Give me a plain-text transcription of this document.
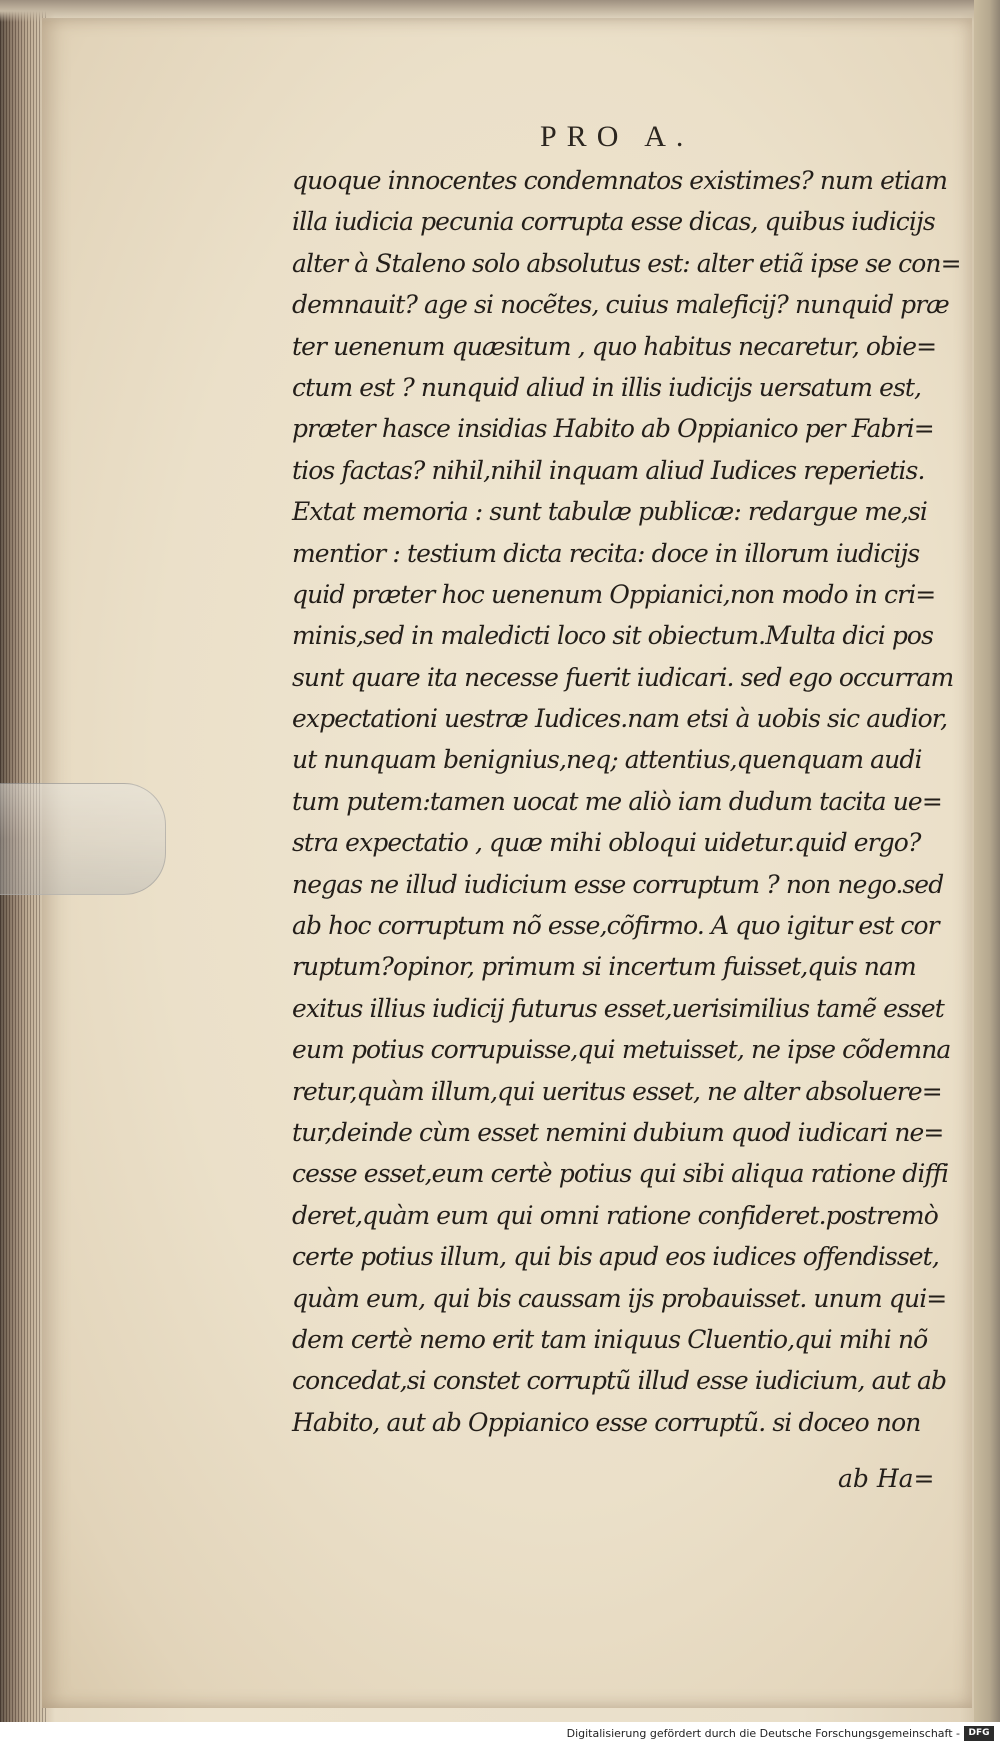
PRO A.
quoque innocentes condemnatos existimes? num etiam
illa iudicia pecunia corrupta esse dicas, quibus iudicijs
alter à Staleno solo absolutus est: alter etiã ipse se con=
demnauit? age si nocẽtes, cuius maleficij? nunquid præ
ter uenenum quæsitum , quo habitus necaretur, obie=
ctum est ? nunquid aliud in illis iudicijs uersatum est,
præter hasce insidias Habito ab Oppianico per Fabri=
tios factas? nihil,nihil inquam aliud Iudices reperietis.
Extat memoria : sunt tabulæ publicæ: redargue me,si
mentior : testium dicta recita: doce in illorum iudicijs
quid præter hoc uenenum Oppianici,non modo in cri=
minis,sed in maledicti loco sit obiectum.Multa dici pos
sunt quare ita necesse fuerit iudicari. sed ego occurram
expectationi uestræ Iudices.nam etsi à uobis sic audior,
ut nunquam benignius,neq; attentius,quenquam audi
tum putem:tamen uocat me aliò iam dudum tacita ue=
stra expectatio , quæ mihi obloqui uidetur.quid ergo?
negas ne illud iudicium esse corruptum ? non nego.sed
ab hoc corruptum nõ esse,cõfirmo. A quo igitur est cor
ruptum?opinor, primum si incertum fuisset,quis nam
exitus illius iudicij futurus esset,uerisimilius tamẽ esset
eum potius corrupuisse,qui metuisset, ne ipse cõdemna
retur,quàm illum,qui ueritus esset, ne alter absoluere=
tur,deinde cùm esset nemini dubium quod iudicari ne=
cesse esset,eum certè potius qui sibi aliqua ratione diffi
deret,quàm eum qui omni ratione confideret.postremò
certe potius illum, qui bis apud eos iudices offendisset,
quàm eum, qui bis caussam ijs probauisset. unum qui=
dem certè nemo erit tam iniquus Cluentio,qui mihi nõ
concedat,si constet corruptũ illud esse iudicium, aut ab
Habito, aut ab Oppianico esse corruptũ. si doceo non
ab Ha=
Digitalisierung gefördert durch die Deutsche Forschungsgemeinschaft - DFG
